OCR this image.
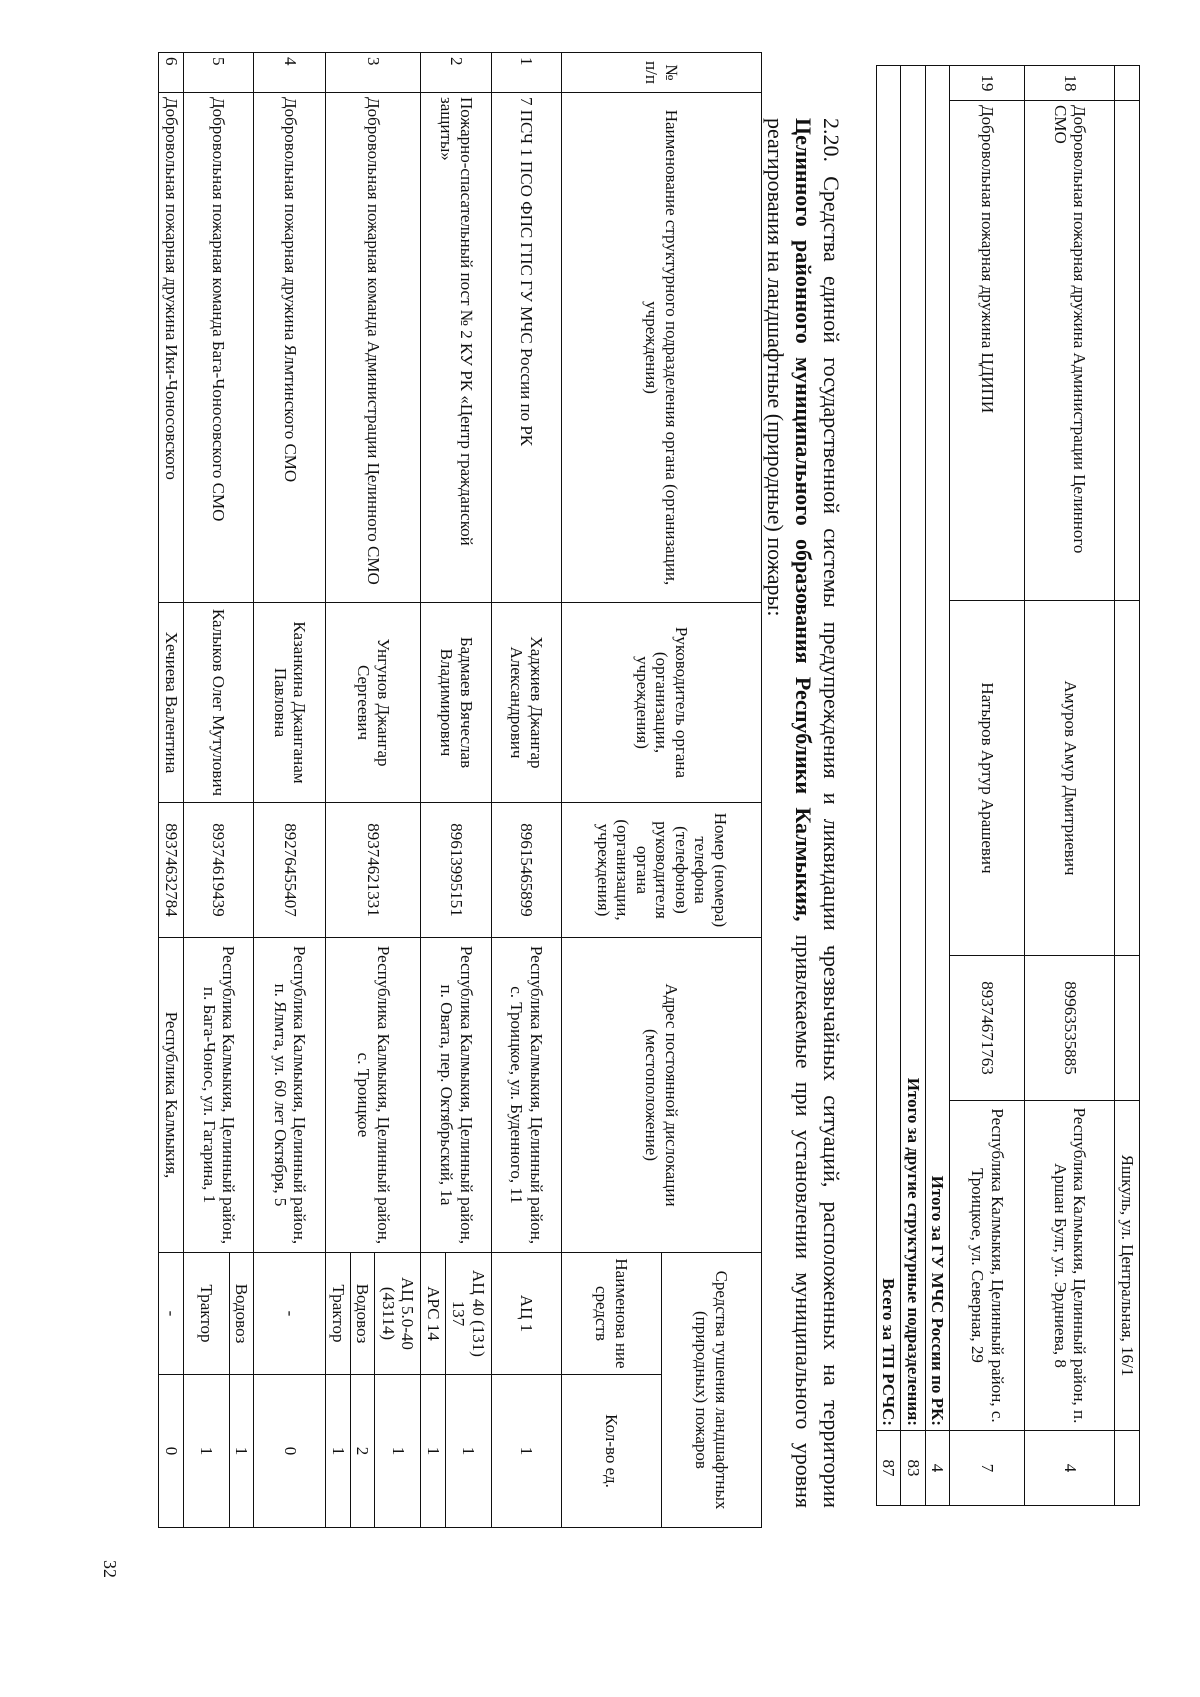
				Яшкуль, ул. Центральная, 16/1	
18	Добровольная пожарная дружина Администрации Целинного СМО	Амуров Амур Дмитриевич	89963535885	Республика Калмыкия, Целинный район, п. Аршан Булг, ул. Эрдниева, 8	4
19	Добровольная пожарная дружина ЦДИПИ	Натыров Артур Арашевич	89374671763	Республика Калмыкия, Целинный район, с. Троицкое, ул. Северная, 29	7
Итого за ГУ МЧС России по РК:					4
Итого за другие структурные подразделения:					83
Всего за ТП РСЧС:					87
2.20. Средства единой государственной системы предупреждения и ликвидации чрезвычайных ситуаций, расположенных на территории Целинного районного муниципального образования Республики Калмыкия, привлекаемые при установлении муниципального уровня реагирования на ландшафтные (природные) пожары:
№ п/п	Наименование структурного подразделения органа (организации, учреждения)	Руководитель органа (организации, учреждения)	Номер (номера) телефона (телефонов) руководителя органа (организации, учреждения)	Адрес постоянной дислокации (местоположение)	Средства тушения ландшафтных (природных) пожаров	
					Наименова ние средств	Кол-во ед.
1	7 ПСЧ 1 ПСО ФПС ГПС ГУ МЧС России по РК	Хаджиев Джангар Александрович	89615465899	Республика Калмыкия, Целинный район, с. Троицкое, ул. Буденного, 11	АЦ 1	1
2	Пожарно-спасательный пост № 2 КУ РК «Центр гражданской защиты»	Бадмаев Вячеслав Владимирович	89613995151	Республика Калмыкия, Целинный район, п. Овата, пер. Октябрьский, 1а	АЦ 40 (131) 137	1
					АРС 14	1
3	Добровольная пожарная команда Администрации Целинного СМО	Унгунов Джангар Сергеевич	89374621331	Республика Калмыкия, Целинный район, с. Троицкое	АЦ 5.0-40 (43114)	1
					Водовоз	2
					Трактор	1
4	Добровольная пожарная дружина Ялмтинского СМО	Казанкина Джанганам Павловна	89276455407	Республика Калмыкия, Целинный район, п. Ялмта, ул. 60 лет Октября, 5	-	0
5	Добровольная пожарная команда Бага-Чоносовского СМО	Калыков Олег Мутулович	89374619439	Республика Калмыкия, Целинный район, п. Бага-Чонос, ул. Гагарина, 1	Водовоз	1
					Трактор	1
6	Добровольная пожарная дружина Ики-Чоносовского	Хечиева Валентина	89374632784	Республика Калмыкия,	-	0
32
